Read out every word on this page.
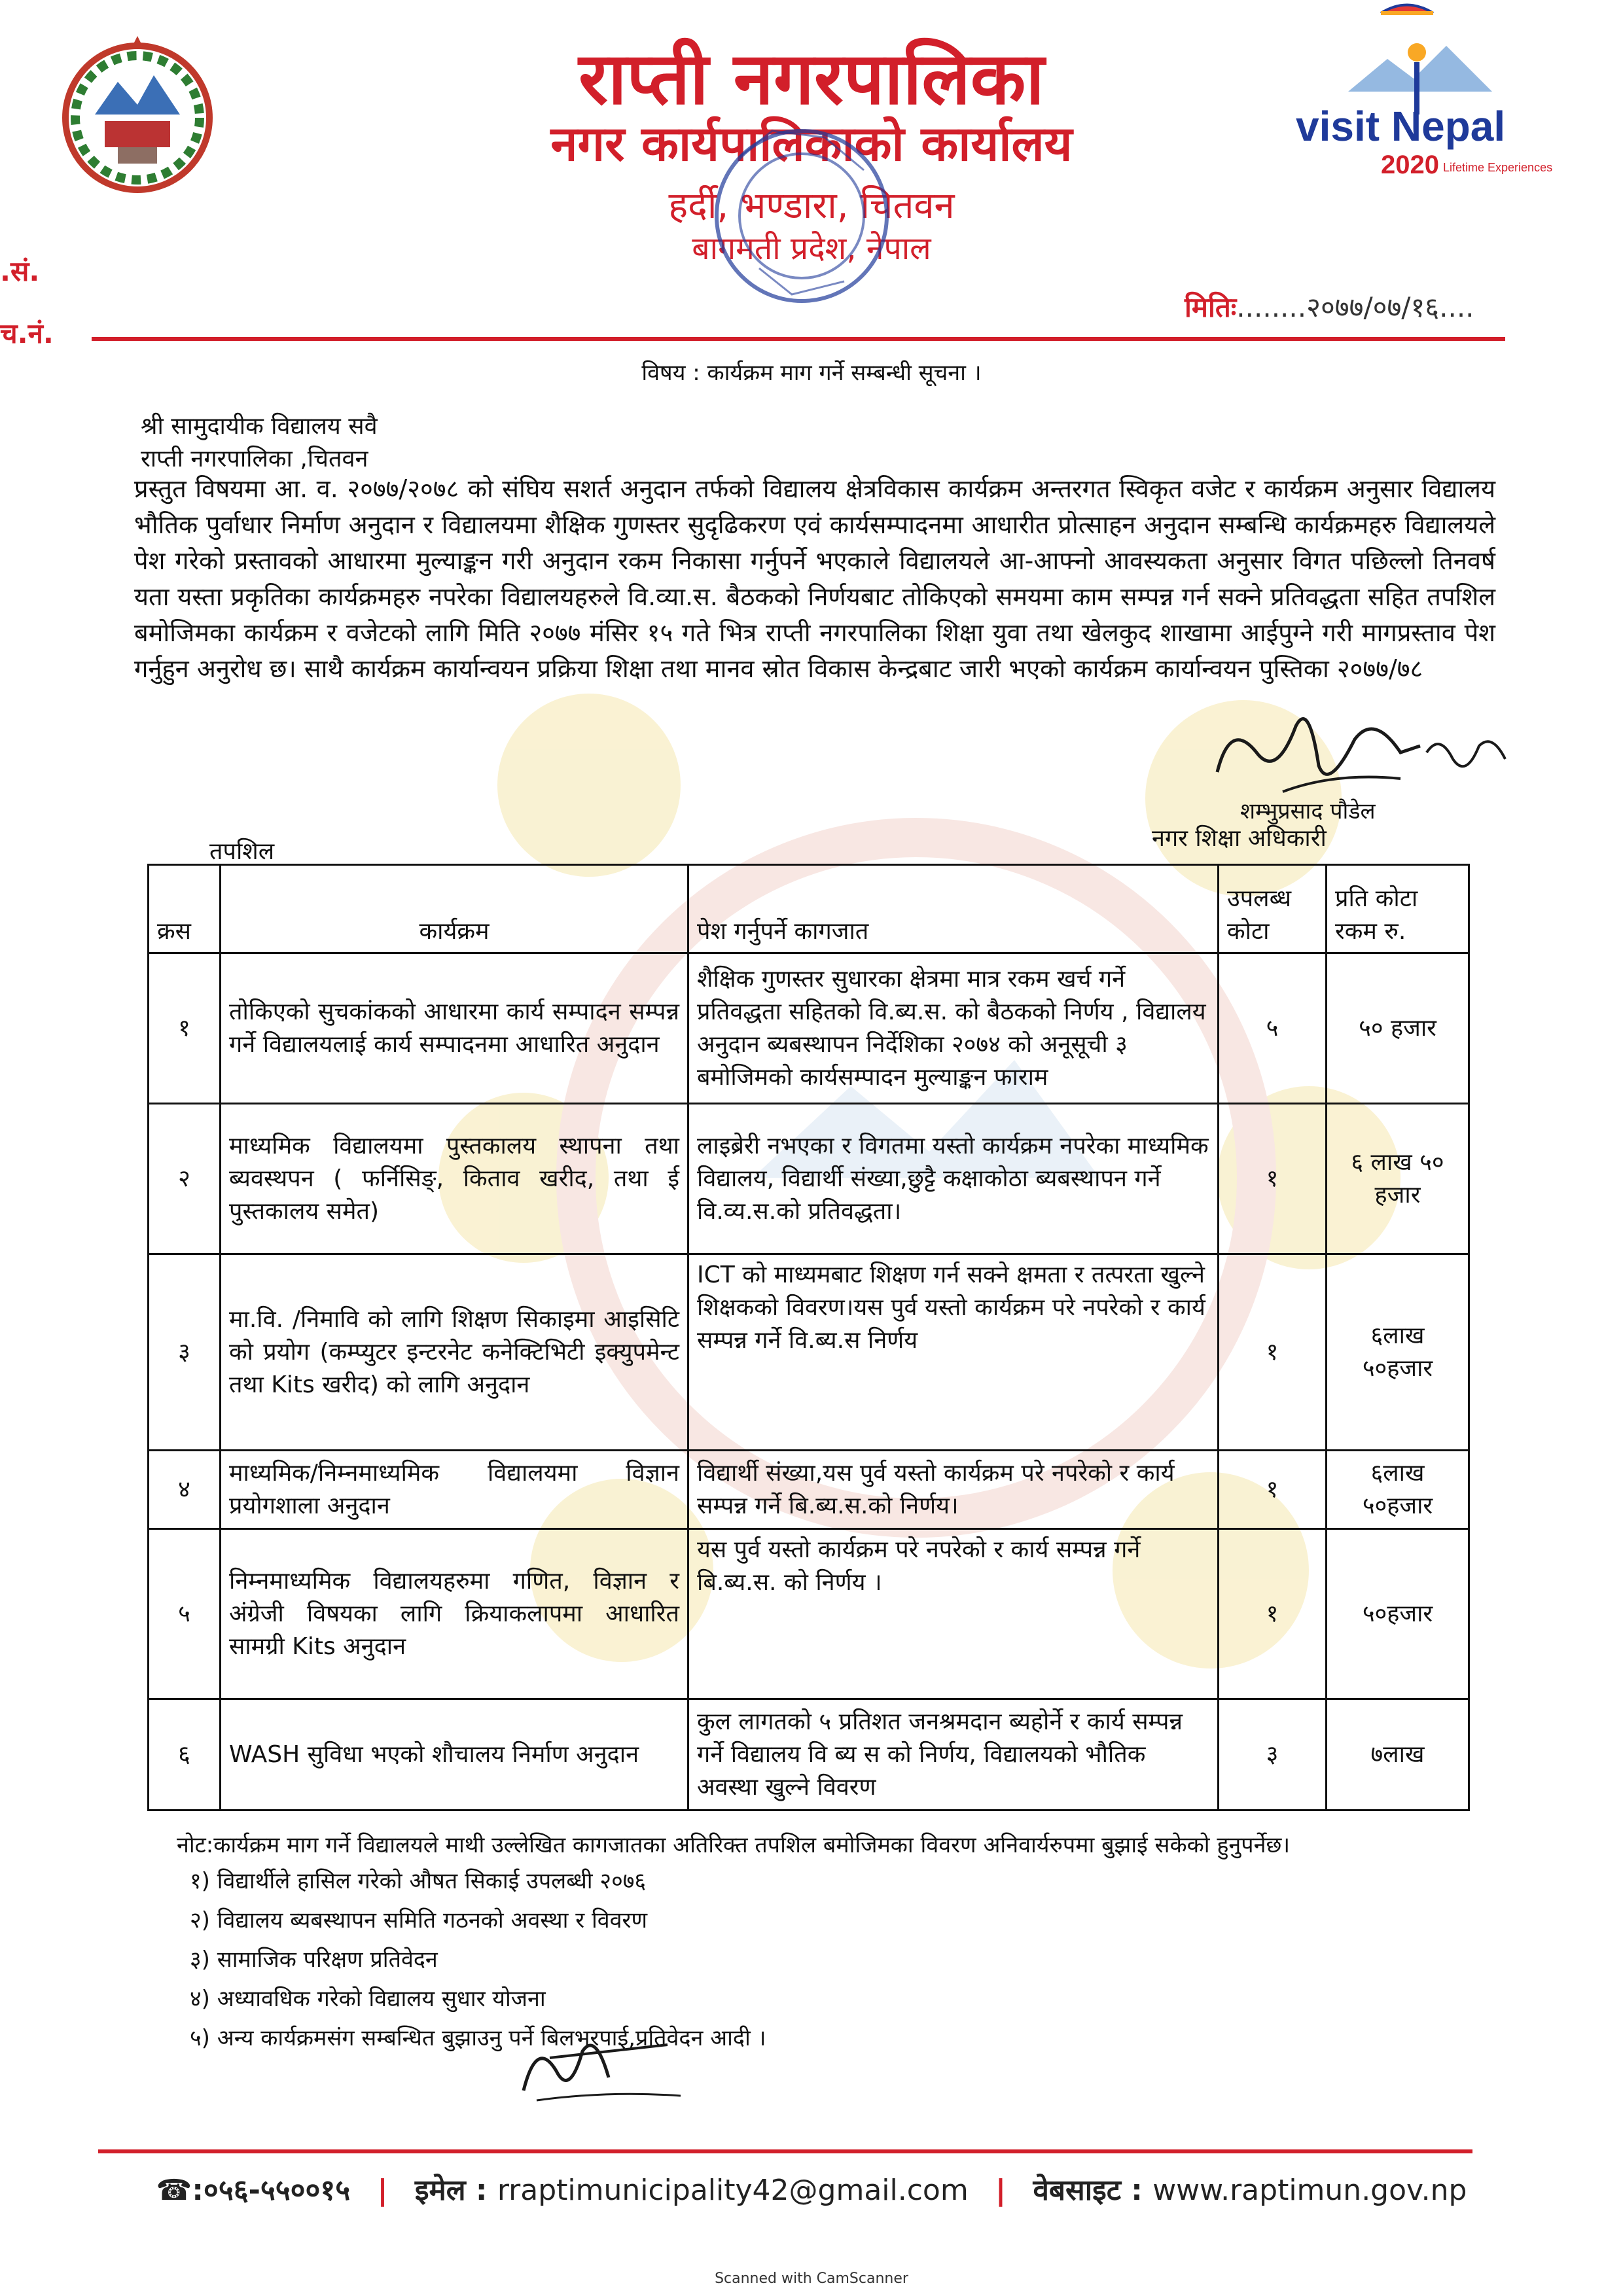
राप्ती नगरपालिका
नगर कार्यपालिकाको कार्यालय
हर्दी, भण्डारा, चितवन
बागमती प्रदेश, नेपाल
visit Nepal
2020 Lifetime Experiences
.सं.
च.नं.
मितिः........२०७७/०७/१६....
विषय : कार्यक्रम माग गर्ने सम्बन्धी सूचना ।
श्री सामुदायीक विद्यालय सवै
राप्ती नगरपालिका ,चितवन
प्रस्तुत विषयमा आ. व. २०७७/२०७८ को संघिय सशर्त अनुदान तर्फको विद्यालय क्षेत्रविकास कार्यक्रम अन्तरगत स्विकृत वजेट र कार्यक्रम अनुसार विद्यालय भौतिक पुर्वाधार निर्माण अनुदान र विद्यालयमा शैक्षिक गुणस्तर सुदृढिकरण एवं कार्यसम्पादनमा आधारीत प्रोत्साहन अनुदान सम्बन्धि कार्यक्रमहरु विद्यालयले पेश गरेको प्रस्तावको आधारमा मुल्याङ्कन गरी अनुदान रकम निकासा गर्नुपर्ने भएकाले विद्यालयले आ-आफ्नो आवस्यकता अनुसार विगत पछिल्लो तिनवर्ष यता यस्ता प्रकृतिका कार्यक्रमहरु नपरेका विद्यालयहरुले वि.व्या.स. बैठकको निर्णयबाट तोकिएको समयमा काम सम्पन्न गर्न सक्ने प्रतिवद्धता सहित तपशिल बमोजिमका कार्यक्रम र वजेटको लागि मिति २०७७ मंसिर १५ गते भित्र राप्ती नगरपालिका शिक्षा युवा तथा खेलकुद शाखामा आईपुग्ने गरी मागप्रस्ताव पेश गर्नुहुन अनुरोध छ। साथै कार्यक्रम कार्यान्वयन प्रक्रिया शिक्षा तथा मानव स्रोत विकास केन्द्रबाट जारी भएको कार्यक्रम कार्यान्वयन पुस्तिका २०७७/७८
शम्भुप्रसाद पौडेल
नगर शिक्षा अधिकारी
तपशिल
क्रस	कार्यक्रम	पेश गर्नुपर्ने कागजात	उपलब्ध कोटा	प्रति कोटा रकम रु.
१	तोकिएको सुचकांकको आधारमा कार्य सम्पादन सम्पन्न गर्ने विद्यालयलाई कार्य सम्पादनमा आधारित अनुदान	शैक्षिक गुणस्तर सुधारका क्षेत्रमा मात्र रकम खर्च गर्ने प्रतिवद्धता सहितको वि.ब्य.स. को बैठकको निर्णय , विद्यालय अनुदान ब्यबस्थापन निर्देशिका २०७४ को अनूसूची ३ बमोजिमको कार्यसम्पादन मुल्याङ्कन फाराम	५	५० हजार
२	माध्यमिक विद्यालयमा पुस्तकालय स्थापना तथा ब्यवस्थपन ( फर्निसिङ्, किताव खरीद, तथा ई पुस्तकालय समेत)	लाइब्रेरी नभएका र विगतमा यस्तो कार्यक्रम नपरेका माध्यमिक विद्यालय, विद्यार्थी संख्या,छुट्टै कक्षाकोठा ब्यबस्थापन गर्ने वि.व्य.स.को प्रतिवद्धता।	१	६ लाख ५० हजार
३	मा.वि. /निमावि को लागि शिक्षण सिकाइमा आइसिटि को प्रयोग (कम्प्युटर इन्टरनेट कनेक्टिभिटी इक्युपमेन्ट तथा Kits खरीद) को लागि अनुदान	ICT को माध्यमबाट शिक्षण गर्न सक्ने क्षमता र तत्परता खुल्ने शिक्षकको विवरण।यस पुर्व यस्तो कार्यक्रम परे नपरेको र कार्य सम्पन्न गर्ने वि.ब्य.स निर्णय	१	६लाख ५०हजार
४	माध्यमिक/निम्नमाध्यमिक विद्यालयमा विज्ञान प्रयोगशाला अनुदान	विद्यार्थी संख्या,यस पुर्व यस्तो कार्यक्रम परे नपरेको र कार्य सम्पन्न गर्ने बि.ब्य.स.को निर्णय।	१	६लाख ५०हजार
५	निम्नमाध्यमिक विद्यालयहरुमा गणित, विज्ञान र अंग्रेजी विषयका लागि क्रियाकलापमा आधारित सामग्री Kits अनुदान	यस पुर्व यस्तो कार्यक्रम परे नपरेको र कार्य सम्पन्न गर्ने बि.ब्य.स. को निर्णय ।	१	५०हजार
६	WASH सुविधा भएको शौचालय निर्माण अनुदान	कुल लागतको ५ प्रतिशत जनश्रमदान ब्यहोर्ने र कार्य सम्पन्न गर्ने विद्यालय वि ब्य स को निर्णय, विद्यालयको भौतिक अवस्था खुल्ने विवरण	३	७लाख
नोट:कार्यक्रम माग गर्ने विद्यालयले माथी उल्लेखित कागजातका अतिरिक्त तपशिल बमोजिमका विवरण अनिवार्यरुपमा बुझाई सकेको हुनुपर्नेछ।
१) विद्यार्थीले हासिल गरेको औषत सिकाई उपलब्धी २०७६
२) विद्यालय ब्यबस्थापन समिति गठनको अवस्था र विवरण
३) सामाजिक परिक्षण प्रतिवेदन
४) अध्यावधिक गरेको विद्यालय सुधार योजना
५) अन्य कार्यक्रमसंग सम्बन्धित बुझाउनु पर्ने बिलभरपाई,प्रतिवेदन आदी ।
☎:०५६-५५००१५ | इमेल : rraptimunicipality42@gmail.com | वेबसाइट : www.raptimun.gov.np
Scanned with CamScanner
